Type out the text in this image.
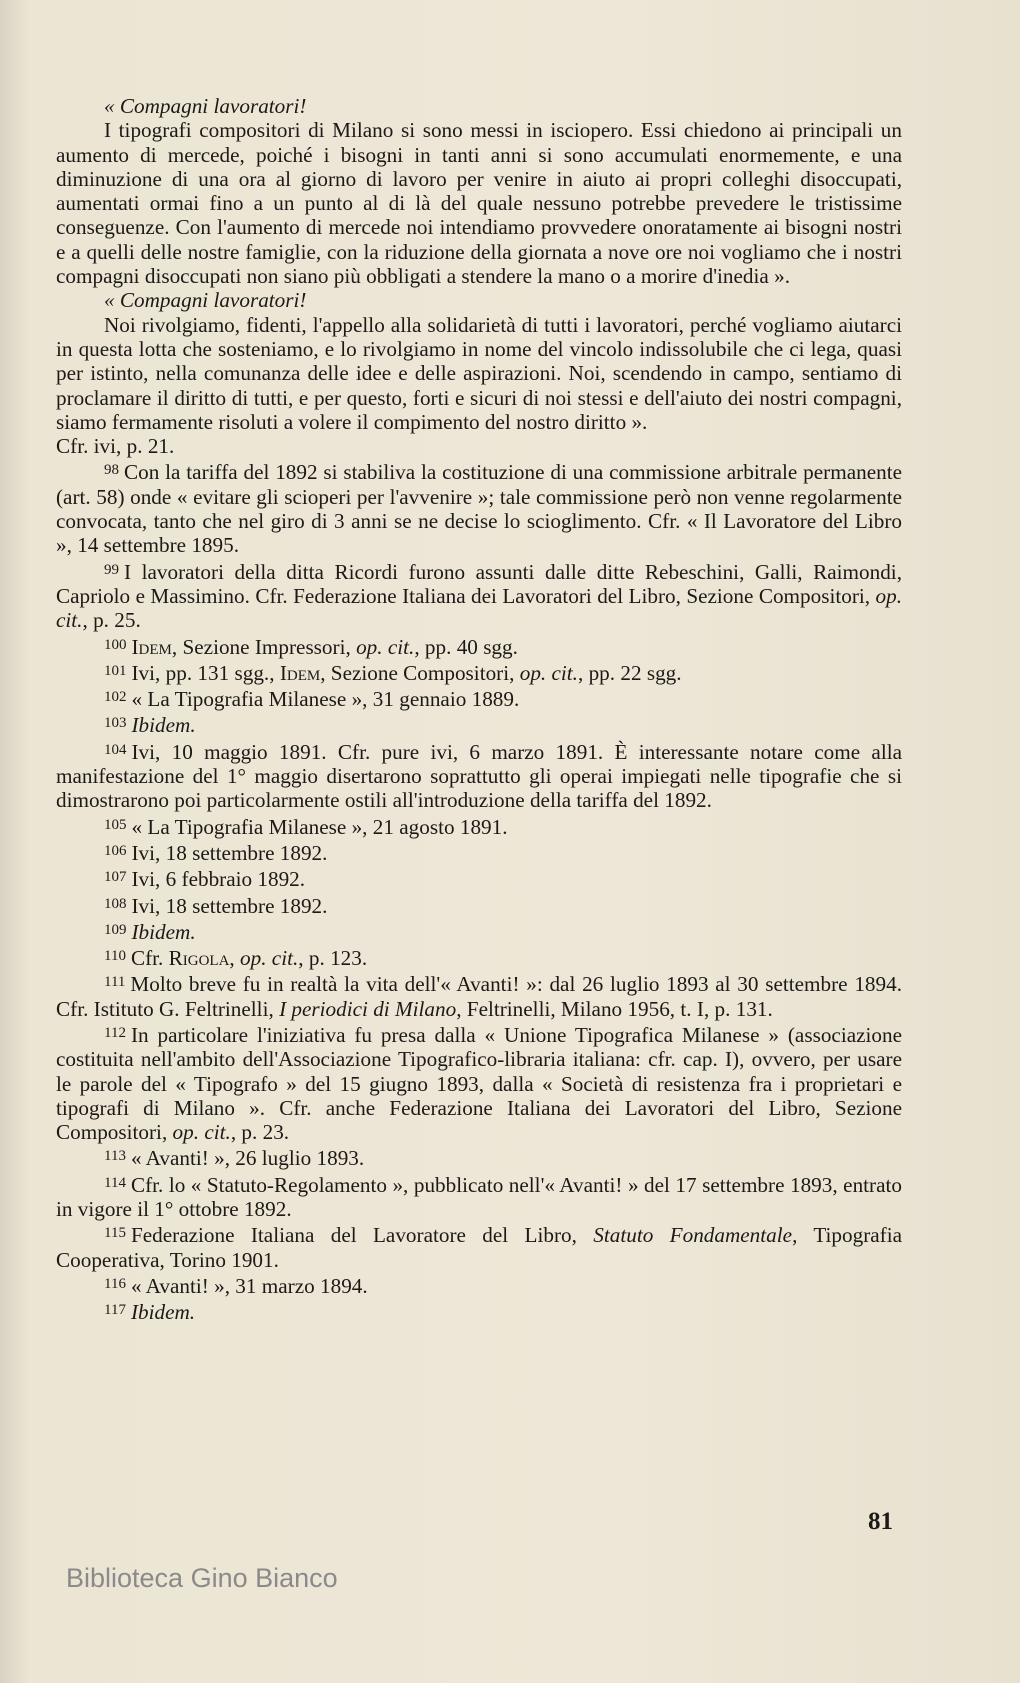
« Compagni lavoratori!

I tipografi compositori di Milano si sono messi in isciopero. Essi chiedono ai principali un aumento di mercede, poiché i bisogni in tanti anni si sono accumulati enormemente, e una diminuzione di una ora al giorno di lavoro per venire in aiuto ai propri colleghi disoccupati, aumentati ormai fino a un punto al di là del quale nessuno potrebbe prevedere le tristissime conseguenze. Con l'aumento di mercede noi intendiamo provvedere onoratamente ai bisogni nostri e a quelli delle nostre famiglie, con la riduzione della giornata a nove ore noi vogliamo che i nostri compagni disoccupati non siano più obbligati a stendere la mano o a morire d'inedia ».

« Compagni lavoratori!

Noi rivolgiamo, fidenti, l'appello alla solidarietà di tutti i lavoratori, perché vogliamo aiutarci in questa lotta che sosteniamo, e lo rivolgiamo in nome del vincolo indissolubile che ci lega, quasi per istinto, nella comunanza delle idee e delle aspirazioni. Noi, scendendo in campo, sentiamo di proclamare il diritto di tutti, e per questo, forti e sicuri di noi stessi e dell'aiuto dei nostri compagni, siamo fermamente risoluti a volere il compimento del nostro diritto ».

Cfr. ivi, p. 21.

$^{98}$ Con la tariffa del 1892 si stabiliva la costituzione di una commissione arbitrale permanente (art. 58) onde « evitare gli scioperi per l'avvenire »; tale commissione però non venne regolarmente convocata, tanto che nel giro di 3 anni se ne decise lo scioglimento. Cfr. « Il Lavoratore del Libro », 14 settembre 1895.

$^{99}$ I lavoratori della ditta Ricordi furono assunti dalle ditte Rebeschini, Galli, Raimondi, Capriolo e Massimino. Cfr. Federazione Italiana dei Lavoratori del Libro, Sezione Compositori, op. cit., p. 25.

$^{100}$ Idem, Sezione Impressori, op. cit., pp. 40 sgg.

$^{101}$ Ivi, pp. 131 sgg., Idem, Sezione Compositori, op. cit., pp. 22 sgg.

$^{102}$ « La Tipografia Milanese », 31 gennaio 1889.

$^{103}$ Ibidem.

$^{104}$ Ivi, 10 maggio 1891. Cfr. pure ivi, 6 marzo 1891. È interessante notare come alla manifestazione del 1° maggio disertarono soprattutto gli operai impiegati nelle tipografie che si dimostrarono poi particolarmente ostili all'introduzione della tariffa del 1892.

$^{105}$ « La Tipografia Milanese », 21 agosto 1891.

$^{106}$ Ivi, 18 settembre 1892.

$^{107}$ Ivi, 6 febbraio 1892.

$^{108}$ Ivi, 18 settembre 1892.

$^{109}$ Ibidem.

$^{110}$ Cfr. Rigola, op. cit., p. 123.

$^{111}$ Molto breve fu in realtà la vita dell'« Avanti! »: dal 26 luglio 1893 al 30 settembre 1894. Cfr. Istituto G. Feltrinelli, I periodici di Milano, Feltrinelli, Milano 1956, t. I, p. 131.

$^{112}$ In particolare l'iniziativa fu presa dalla « Unione Tipografica Milanese » (associazione costituita nell'ambito dell'Associazione Tipografico-libraria italiana: cfr. cap. I), ovvero, per usare le parole del « Tipografo » del 15 giugno 1893, dalla « Società di resistenza fra i proprietari e tipografi di Milano ». Cfr. anche Federazione Italiana dei Lavoratori del Libro, Sezione Compositori, op. cit., p. 23.

$^{113}$ « Avanti! », 26 luglio 1893.

$^{114}$ Cfr. lo « Statuto-Regolamento », pubblicato nell'« Avanti! » del 17 settembre 1893, entrato in vigore il 1° ottobre 1892.

$^{115}$ Federazione Italiana del Lavoratore del Libro, Statuto Fondamentale, Tipografia Cooperativa, Torino 1901.

$^{116}$ « Avanti! », 31 marzo 1894.

$^{117}$ Ibidem.

81
Biblioteca Gino Bianco
